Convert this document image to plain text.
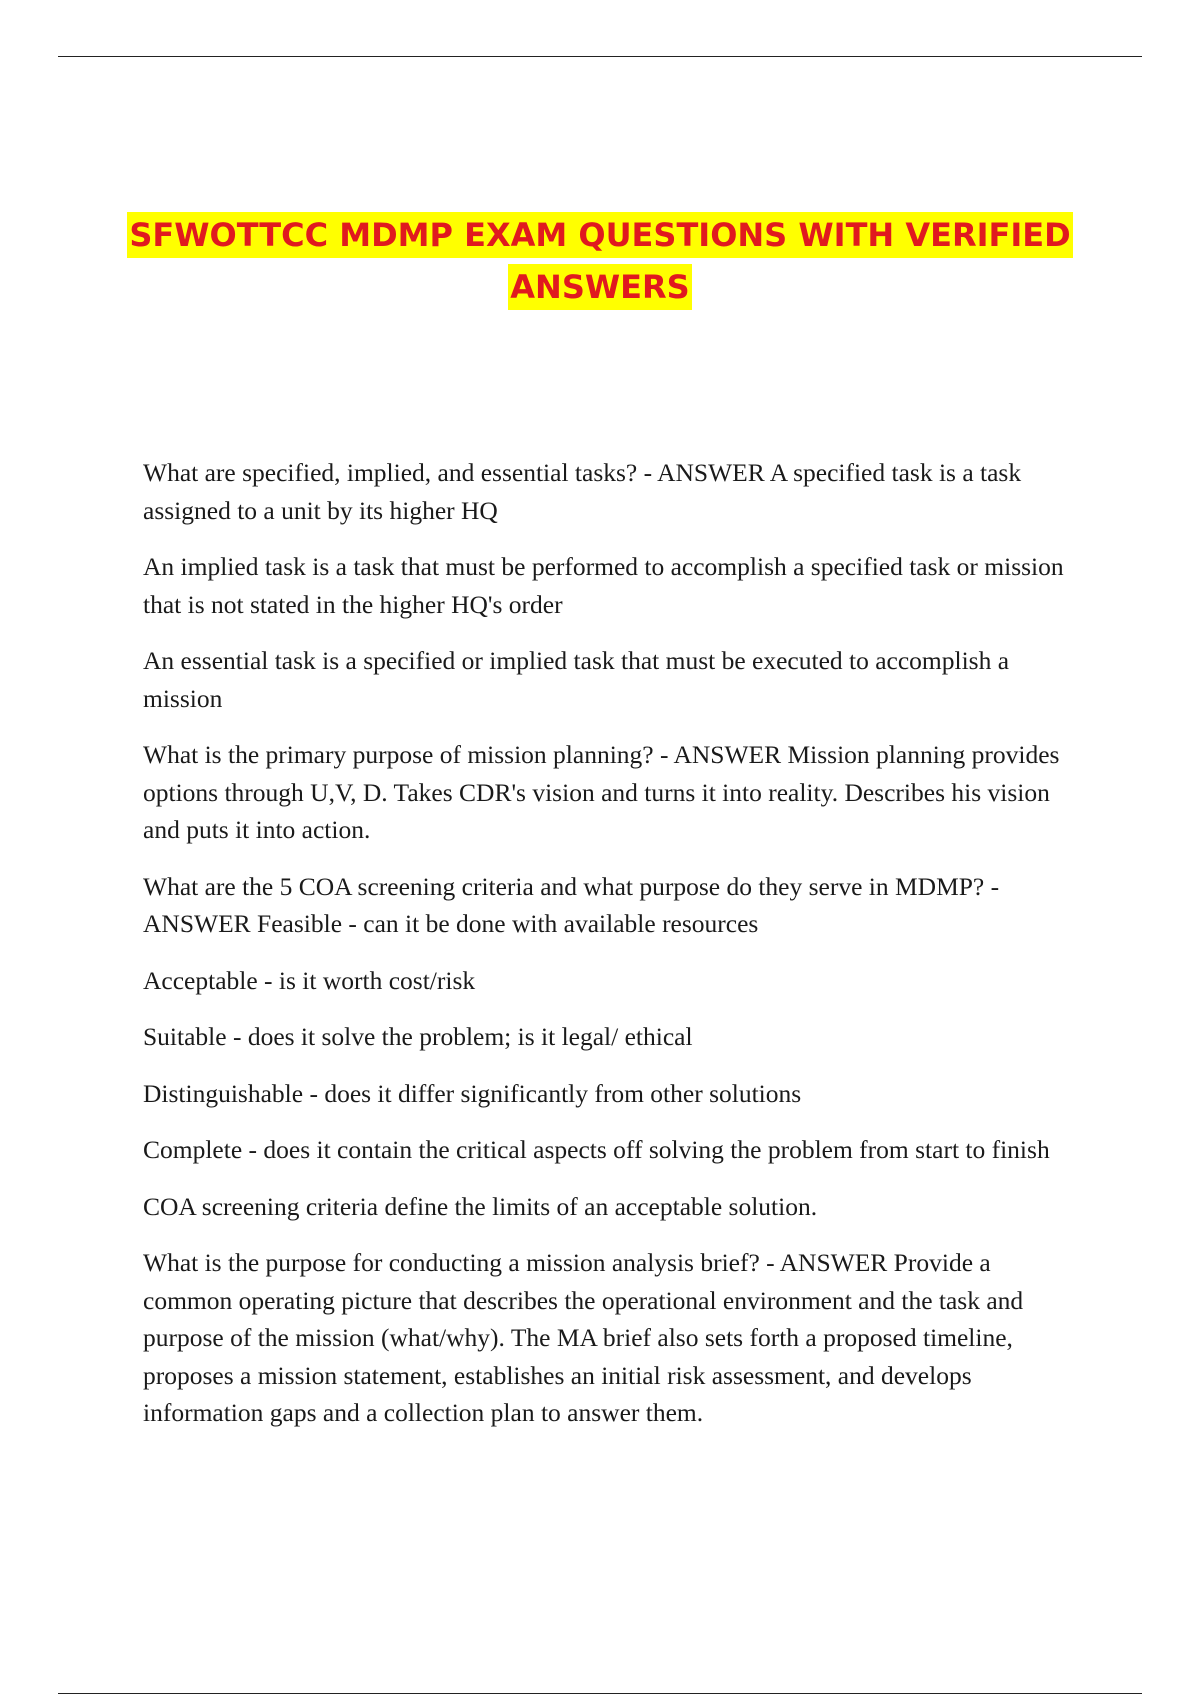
SFWOTTCC MDMP EXAM QUESTIONS WITH VERIFIED
ANSWERS

What are specified, implied, and essential tasks? - ANSWER A specified task is a task assigned to a unit by its higher HQ

An implied task is a task that must be performed to accomplish a specified task or mission that is not stated in the higher HQ's order

An essential task is a specified or implied task that must be executed to accomplish a mission

What is the primary purpose of mission planning? - ANSWER Mission planning provides options through U,V, D. Takes CDR's vision and turns it into reality. Describes his vision and puts it into action.

What are the 5 COA screening criteria and what purpose do they serve in MDMP? - ANSWER Feasible - can it be done with available resources

Acceptable - is it worth cost/risk

Suitable - does it solve the problem; is it legal/ ethical

Distinguishable - does it differ significantly from other solutions

Complete - does it contain the critical aspects off solving the problem from start to finish

COA screening criteria define the limits of an acceptable solution.

What is the purpose for conducting a mission analysis brief? - ANSWER Provide a common operating picture that describes the operational environment and the task and purpose of the mission (what/why). The MA brief also sets forth a proposed timeline, proposes a mission statement, establishes an initial risk assessment, and develops information gaps and a collection plan to answer them.
